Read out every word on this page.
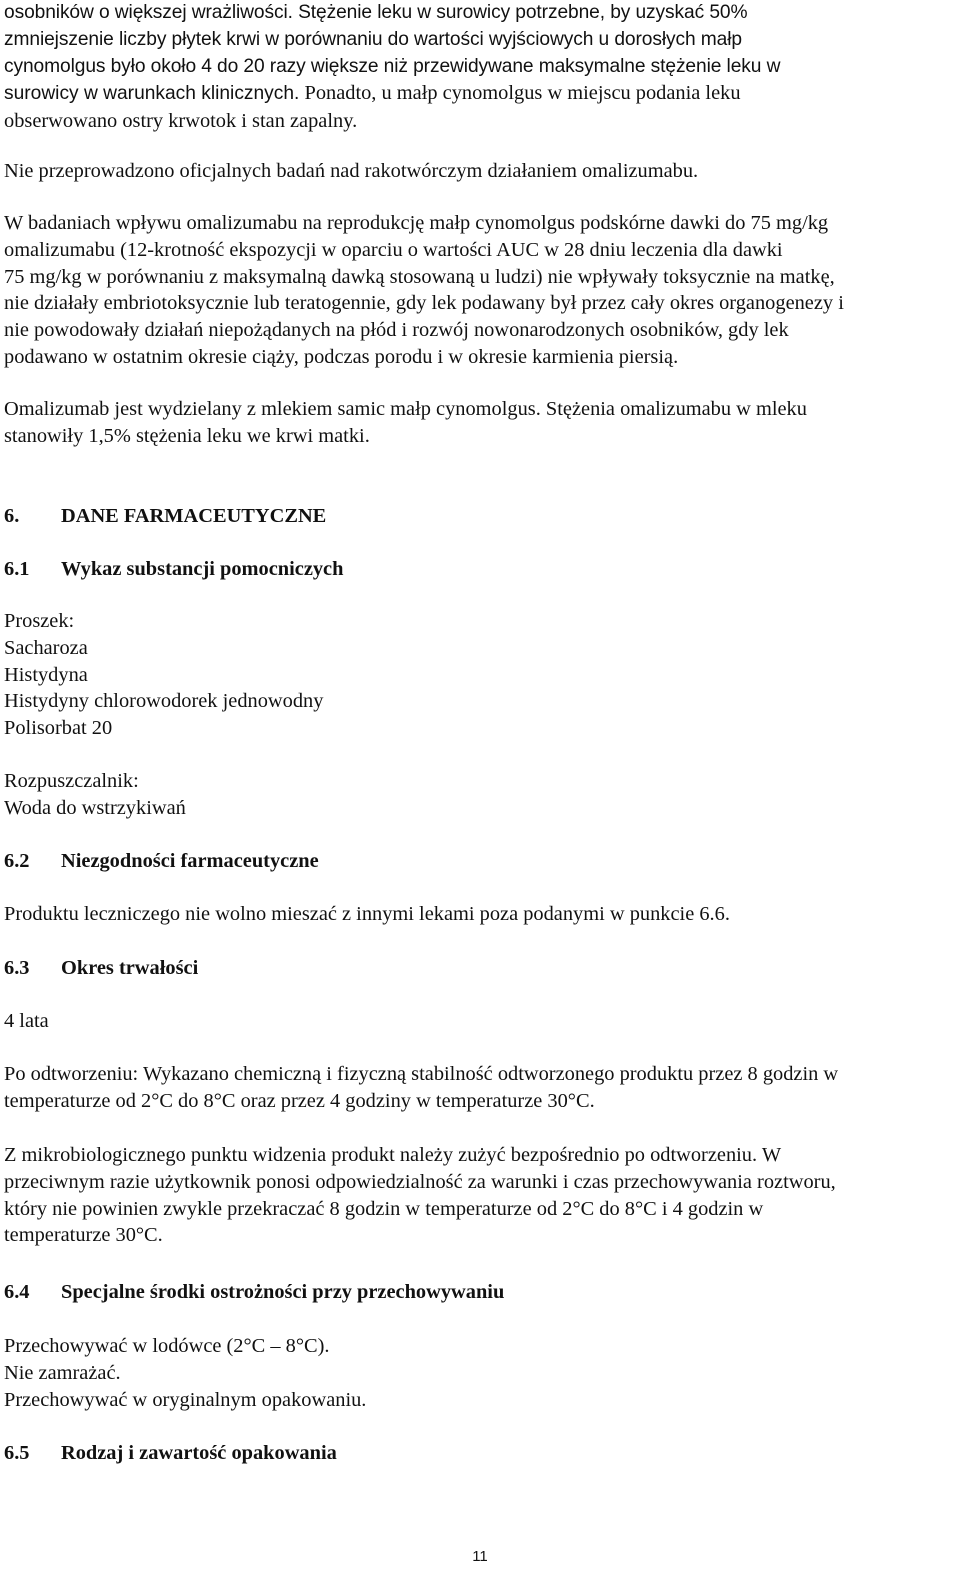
osobników o większej wrażliwości. Stężenie leku w surowicy potrzebne, by uzyskać 50%
zmniejszenie liczby płytek krwi w porównaniu do wartości wyjściowych u dorosłych małp
cynomolgus było około 4 do 20 razy większe niż przewidywane maksymalne stężenie leku w
surowicy w warunkach klinicznych. Ponadto, u małp cynomolgus w miejscu podania leku
obserwowano ostry krwotok i stan zapalny.
Nie przeprowadzono oficjalnych badań nad rakotwórczym działaniem omalizumabu.
W badaniach wpływu omalizumabu na reprodukcję małp cynomolgus podskórne dawki do 75 mg/kg
omalizumabu (12-krotność ekspozycji w oparciu o wartości AUC w 28 dniu leczenia dla dawki
75 mg/kg w porównaniu z maksymalną dawką stosowaną u ludzi) nie wpływały toksycznie na matkę,
nie działały embriotoksycznie lub teratogennie, gdy lek podawany był przez cały okres organogenezy i
nie powodowały działań niepożądanych na płód i rozwój nowonarodzonych osobników, gdy lek
podawano w ostatnim okresie ciąży, podczas porodu i w okresie karmienia piersią.
Omalizumab jest wydzielany z mlekiem samic małp cynomolgus. Stężenia omalizumabu w mleku
stanowiły 1,5% stężenia leku we krwi matki.
6. DANE FARMACEUTYCZNE
6.1 Wykaz substancji pomocniczych
Proszek:
Sacharoza
Histydyna
Histydyny chlorowodorek jednowodny
Polisorbat 20
Rozpuszczalnik:
Woda do wstrzykiwań
6.2 Niezgodności farmaceutyczne
Produktu leczniczego nie wolno mieszać z innymi lekami poza podanymi w punkcie 6.6.
6.3 Okres trwałości
4 lata
Po odtworzeniu: Wykazano chemiczną i fizyczną stabilność odtworzonego produktu przez 8 godzin w
temperaturze od 2°C do 8°C oraz przez 4 godziny w temperaturze 30°C.
Z mikrobiologicznego punktu widzenia produkt należy zużyć bezpośrednio po odtworzeniu. W
przeciwnym razie użytkownik ponosi odpowiedzialność za warunki i czas przechowywania roztworu,
który nie powinien zwykle przekraczać 8 godzin w temperaturze od 2°C do 8°C i 4 godzin w
temperaturze 30°C.
6.4 Specjalne środki ostrożności przy przechowywaniu
Przechowywać w lodówce (2°C – 8°C).
Nie zamrażać.
Przechowywać w oryginalnym opakowaniu.
6.5 Rodzaj i zawartość opakowania
11
